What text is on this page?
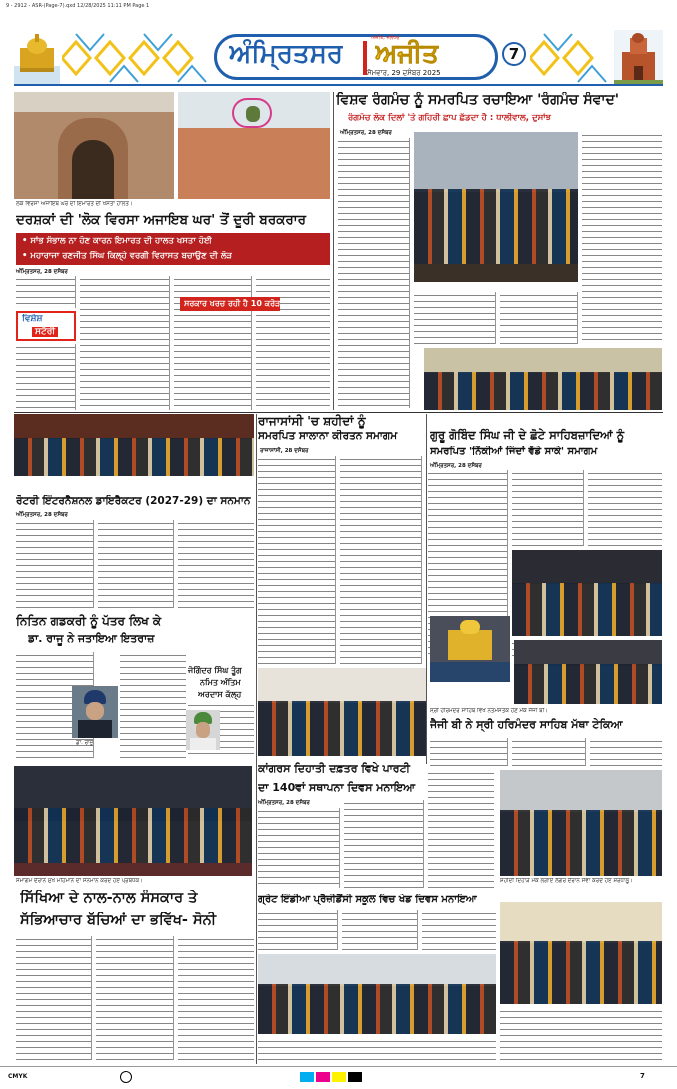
9 - 2912 - ASR-(Page-7).qxd 12/28/2025 11:11 PM Page 1
ਅੰਮ੍ਰਿਤਸਰ ਅਜੀਤ
ਅਜੀਤ, ਜਲੰਧਰ
ਸੋਮਵਾਰ, 29 ਦਸੰਬਰ 2025
7
ਲੋਕ ਵਿਰਸਾ ਅਜਾਇਬ ਘਰ ਦੀ ਇਮਾਰਤ ਦੀ ਖਸਤਾ ਹਾਲਤ।
ਦਰਸ਼ਕਾਂ ਦੀ 'ਲੋਕ ਵਿਰਸਾ ਅਜਾਇਬ ਘਰ' ਤੋਂ ਦੂਰੀ ਬਰਕਰਾਰ
• ਸਾਂਭ ਸੰਭਾਲ ਨਾ ਹੋਣ ਕਾਰਨ ਇਮਾਰਤ ਦੀ ਹਾਲਤ ਖਸਤਾ ਹੋਈ
• ਮਹਾਰਾਜਾ ਰਣਜੀਤ ਸਿੰਘ ਕਿਲ੍ਹੇ ਵਰਗੀ ਵਿਰਾਸਤ ਬਚਾਉਣ ਦੀ ਲੋੜ
ਅੰਮ੍ਰਿਤਸਰ, 28 ਦਸੰਬਰ
ਵਿਸ਼ੇਸ਼
ਸਟੋਰੀ
ਸਰਕਾਰ ਖਰਚ ਰਹੀ ਹੈ 10 ਕਰੋੜ
ਵਿਸ਼ਵ ਰੰਗਮੰਚ ਨੂੰ ਸਮਰਪਿਤ ਰਚਾਇਆ 'ਰੰਗਮੰਚ ਸੰਵਾਦ'
ਰੰਗਮੰਚ ਲੋਕ ਦਿਲਾਂ 'ਤੇ ਗਹਿਰੀ ਛਾਪ ਛੱਡਦਾ ਹੈ : ਧਾਲੀਵਾਲ, ਦੁਸਾਂਝ
ਅੰਮ੍ਰਿਤਸਰ, 28 ਦਸੰਬਰ
ਰਾਜਾਸਾਂਸੀ 'ਚ ਸ਼ਹੀਦਾਂ ਨੂੰ
ਸਮਰਪਿਤ ਸਾਲਾਨਾ ਕੀਰਤਨ ਸਮਾਗਮ
ਰਾਜਾਸਾਂਸੀ, 28 ਦਸੰਬਰ
ਰੋਟਰੀ ਇੰਟਰਨੈਸ਼ਨਲ ਡਾਇਰੈਕਟਰ (2027-29) ਦਾ ਸਨਮਾਨ
ਅੰਮ੍ਰਿਤਸਰ, 28 ਦਸੰਬਰ
ਗੁਰੂ ਗੋਬਿੰਦ ਸਿੰਘ ਜੀ ਦੇ ਛੋਟੇ ਸਾਹਿਬਜ਼ਾਦਿਆਂ ਨੂੰ
ਸਮਰਪਿਤ 'ਨਿੱਕੀਆਂ ਜਿੰਦਾਂ ਵੱਡੇ ਸਾਕੇ' ਸਮਾਗਮ
ਅੰਮ੍ਰਿਤਸਰ, 28 ਦਸੰਬਰ
ਨਿਤਿਨ ਗਡਕਰੀ ਨੂੰ ਪੱਤਰ ਲਿਖ ਕੇ
ਡਾ. ਰਾਜੂ ਨੇ ਜਤਾਇਆ ਇਤਰਾਜ਼
ਡਾ. ਰਾਜੂ
ਜੋਗਿੰਦਰ ਸਿੰਘ ਤੂੰਗ
ਨਮਿਤ ਅੰਤਿਮ
ਅਰਦਾਸ ਕੱਲ੍ਹ
ਸ੍ਰੀ ਹਰਿਮੰਦਰ ਸਾਹਿਬ ਵਿਖੇ ਨਤਮਸਤਕ ਹੋਣ ਮੌਕੇ ਜੈਜੀ ਬੀ।
ਜੈਜੀ ਬੀ ਨੇ ਸ੍ਰੀ ਹਰਿਮੰਦਰ ਸਾਹਿਬ ਮੱਥਾ ਟੇਕਿਆ
ਕਾਂਗਰਸ ਦਿਹਾਤੀ ਦਫ਼ਤਰ ਵਿਖੇ ਪਾਰਟੀ
ਦਾ 140ਵਾਂ ਸਥਾਪਨਾ ਦਿਵਸ ਮਨਾਇਆ
ਅੰਮ੍ਰਿਤਸਰ, 28 ਦਸੰਬਰ
ਸ਼ਹੀਦੀ ਦਿਹਾੜੇ ਮੌਕੇ ਲਗਾਏ ਲੰਗਰ ਦੌਰਾਨ ਸੇਵਾ ਕਰਦੇ ਹੋਏ ਸ਼ਰਧਾਲੂ।
ਸਮਾਗਮ ਦੌਰਾਨ ਮੁੱਖ ਮਹਿਮਾਨ ਦਾ ਸਨਮਾਨ ਕਰਦੇ ਹੋਏ ਪ੍ਰਬੰਧਕ।
ਸਿੱਖਿਆ ਦੇ ਨਾਲ-ਨਾਲ ਸੰਸਕਾਰ ਤੇ
ਸੱਭਿਆਚਾਰ ਬੱਚਿਆਂ ਦਾ ਭਵਿੱਖ- ਸੋਨੀ
ਗ੍ਰੇਟ ਇੰਡੀਆ ਪ੍ਰੈਜ਼ੀਡੈਂਸੀ ਸਕੂਲ ਵਿਚ ਖੇਡ ਦਿਵਸ ਮਨਾਇਆ
CMYK	7
